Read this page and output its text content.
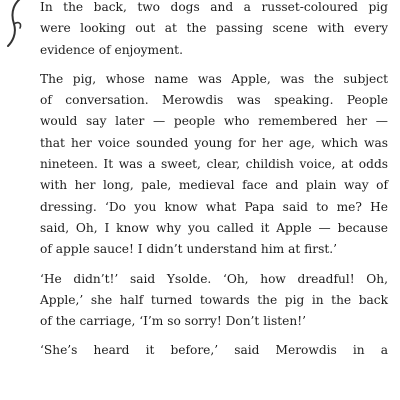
In the back, two dogs and a russet-coloured pig
were looking out at the passing scene with every
evidence of enjoyment.
The pig, whose name was Apple, was the subject
of conversation. Merowdis was speaking. People
would say later — people who remembered her —
that her voice sounded young for her age, which was
nineteen. It was a sweet, clear, childish voice, at odds
with her long, pale, medieval face and plain way of
dressing. ‘Do you know what Papa said to me? He
said, Oh, I know why you called it Apple — because
of apple sauce! I didn’t understand him at first.’
‘He didn’t!’ said Ysolde. ‘Oh, how dreadful! Oh,
Apple,’ she half turned towards the pig in the back
of the carriage, ‘I’m so sorry! Don’t listen!’
‘She’s heard it before,’ said Merowdis in a
